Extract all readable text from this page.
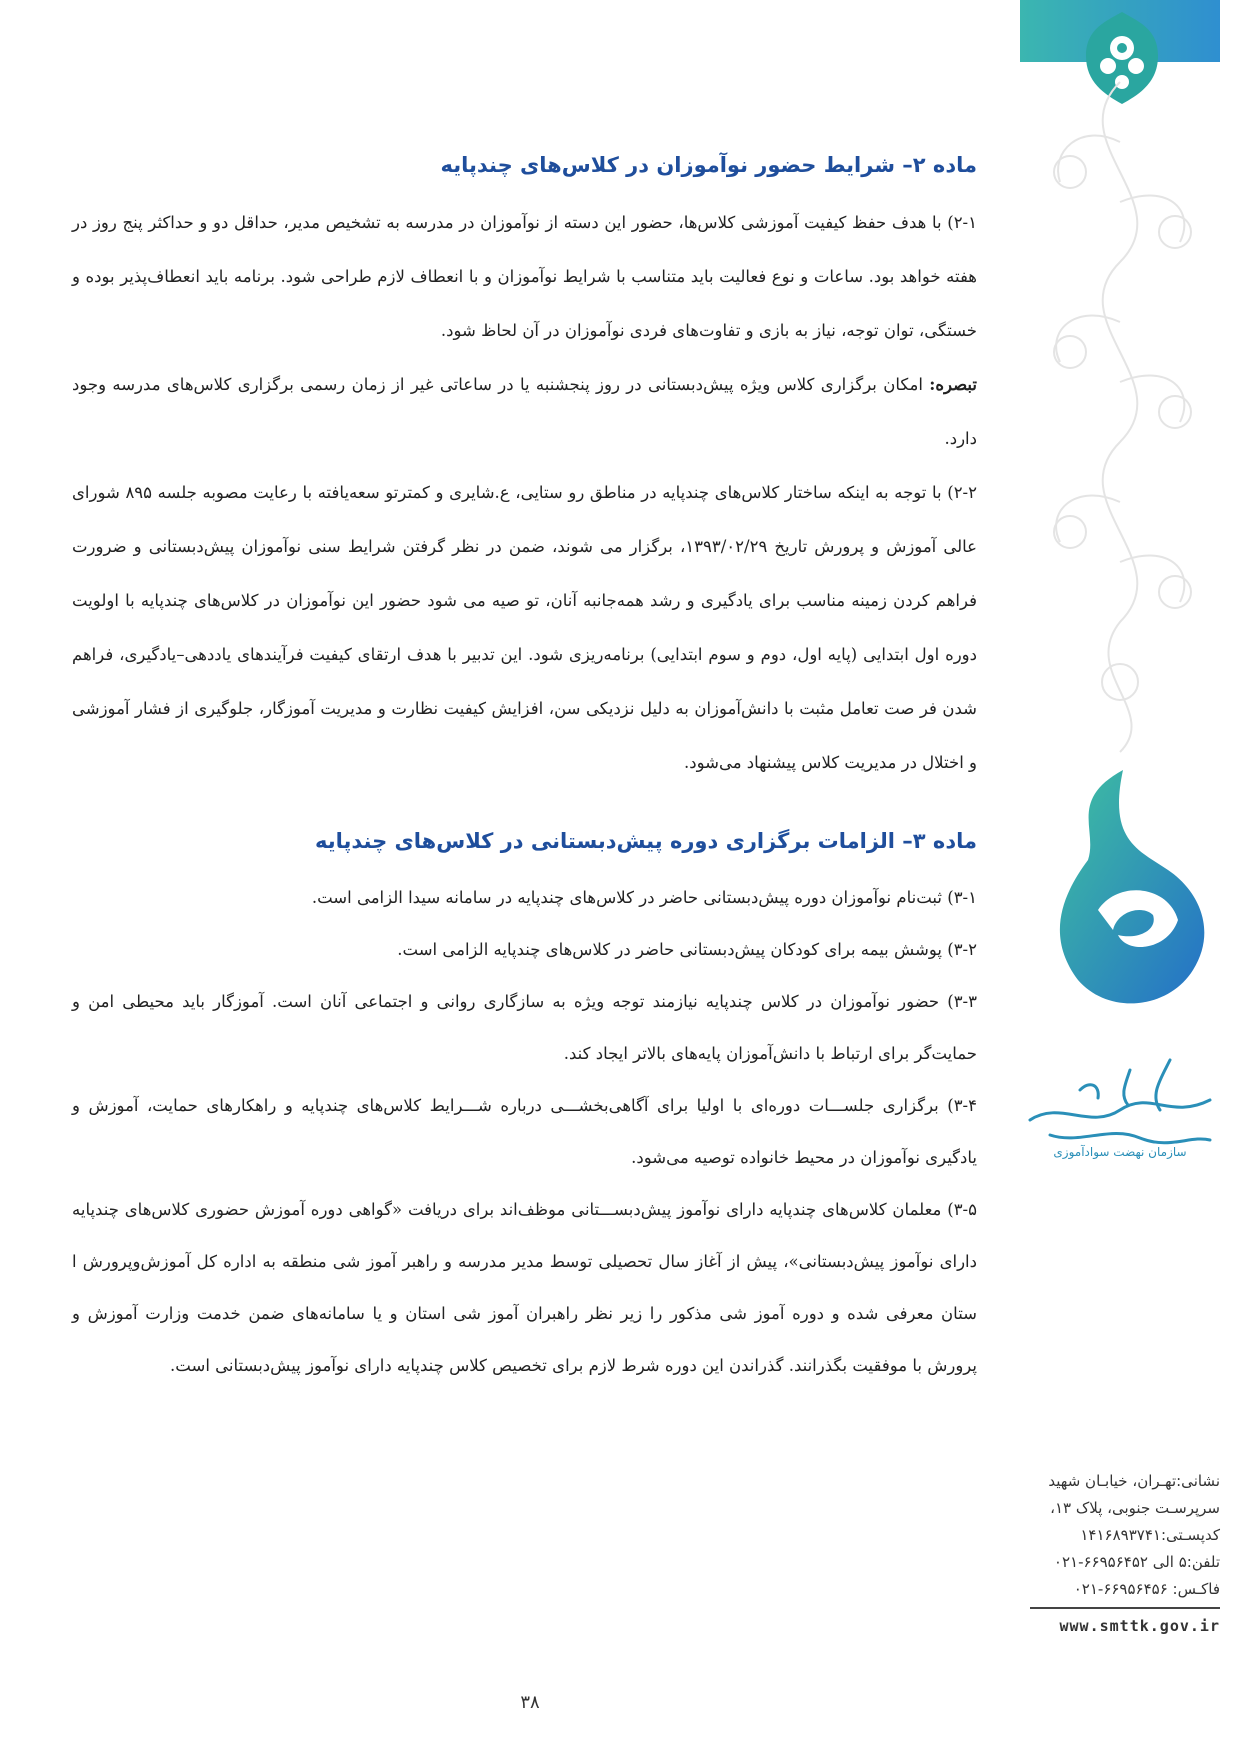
سازمان نهضت سوادآموزی
نشانی:تهـران، خیابـان شهید
سرپرسـت جنوبی، پلاک ۱۳،
کدپسـتی:۱۴۱۶۸۹۳۷۴۱
تلفن:۵ الی ۶۶۹۵۶۴۵۲-۰۲۱
فاکـس: ۶۶۹۵۶۴۵۶-۰۲۱
www.smttk.gov.ir
ماده ۲– شرایط حضور نوآموزان در کلاس‌های چندپایه

۲-۱) با هدف حفظ کیفیت آموزشی کلاس‌ها، حضور این دسته از نوآموزان در مدرسه به تشخیص مدیر، حداقل دو و حداکثر پنج روز در هفته خواهد بود. ساعات و نوع فعالیت باید متناسب با شرایط نوآموزان و با انعطاف لازم طراحی شود. برنامه باید انعطاف‌پذیر بوده و خستگی، توان توجه، نیاز به بازی و تفاوت‌های فردی نوآموزان در آن لحاظ شود.

تبصره: امکان برگزاری کلاس ویژه پیش‌دبستانی در روز پنجشنبه یا در ساعاتی غیر از زمان رسمی برگزاری کلاس‌های مدرسه وجود دارد.

۲-۲) با توجه به اینکه ساختار کلاس‌های چندپایه در مناطق رو ستایی، ع.شایری و کمترتو سعه‌یافته با رعایت مصوبه جلسه ۸۹۵ شورای عالی آموزش و پرورش تاریخ ۱۳۹۳/۰۲/۲۹، برگزار می شوند، ضمن در نظر گرفتن شرایط سنی نوآموزان پیش‌دبستانی و ضرورت فراهم کردن زمینه مناسب برای یادگیری و رشد همه‌جانبه آنان، تو صیه می شود حضور این نوآموزان در کلاس‌های چندپایه با اولویت دوره اول ابتدایی (پایه اول، دوم و سوم ابتدایی) برنامه‌ریزی شود. این تدبیر با هدف ارتقای کیفیت فرآیندهای یاددهی–یادگیری، فراهم شدن فر صت تعامل مثبت با دانش‌آموزان به دلیل نزدیکی سن، افزایش کیفیت نظارت و مدیریت آموزگار، جلوگیری از فشار آموزشی و اختلال در مدیریت کلاس پیشنهاد می‌شود.

ماده ۳– الزامات برگزاری دوره پیش‌دبستانی در کلاس‌های چندپایه

۳-۱) ثبت‌نام نوآموزان دوره پیش‌دبستانی حاضر در کلاس‌های چندپایه در سامانه سیدا الزامی است.

۳-۲) پوشش بیمه برای کودکان پیش‌دبستانی حاضر در کلاس‌های چندپایه الزامی است.

۳-۳) حضور نوآموزان در کلاس چندپایه نیازمند توجه ویژه به سازگاری روانی و اجتماعی آنان است. آموزگار باید محیطی امن و حمایت‌گر برای ارتباط با دانش‌آموزان پایه‌های بالاتر ایجاد کند.

۳-۴) برگزاری جلســـات دوره‌ای با اولیا برای آگاهی‌بخشـــی درباره شـــرایط کلاس‌های چندپایه و راهکارهای حمایت، آموزش و یادگیری نوآموزان در محیط خانواده توصیه می‌شود.

۳-۵) معلمان کلاس‌های چندپایه دارای نوآموز پیش‌دبســـتانی موظف‌اند برای دریافت «گواهی دوره آموزش حضوری کلاس‌های چندپایه دارای نوآموز پیش‌دبستانی»، پیش از آغاز سال تحصیلی توسط مدیر مدرسه و راهبر آموز شی منطقه به اداره کل آموزش‌وپرورش ا ستان معرفی شده و دوره آموز شی مذکور را زیر نظر راهبران آموز شی استان و یا سامانه‌های ضمن خدمت وزارت آموزش و پرورش با موفقیت بگذرانند. گذراندن این دوره شرط لازم برای تخصیص کلاس چندپایه دارای نوآموز پیش‌دبستانی است.

۳۸
